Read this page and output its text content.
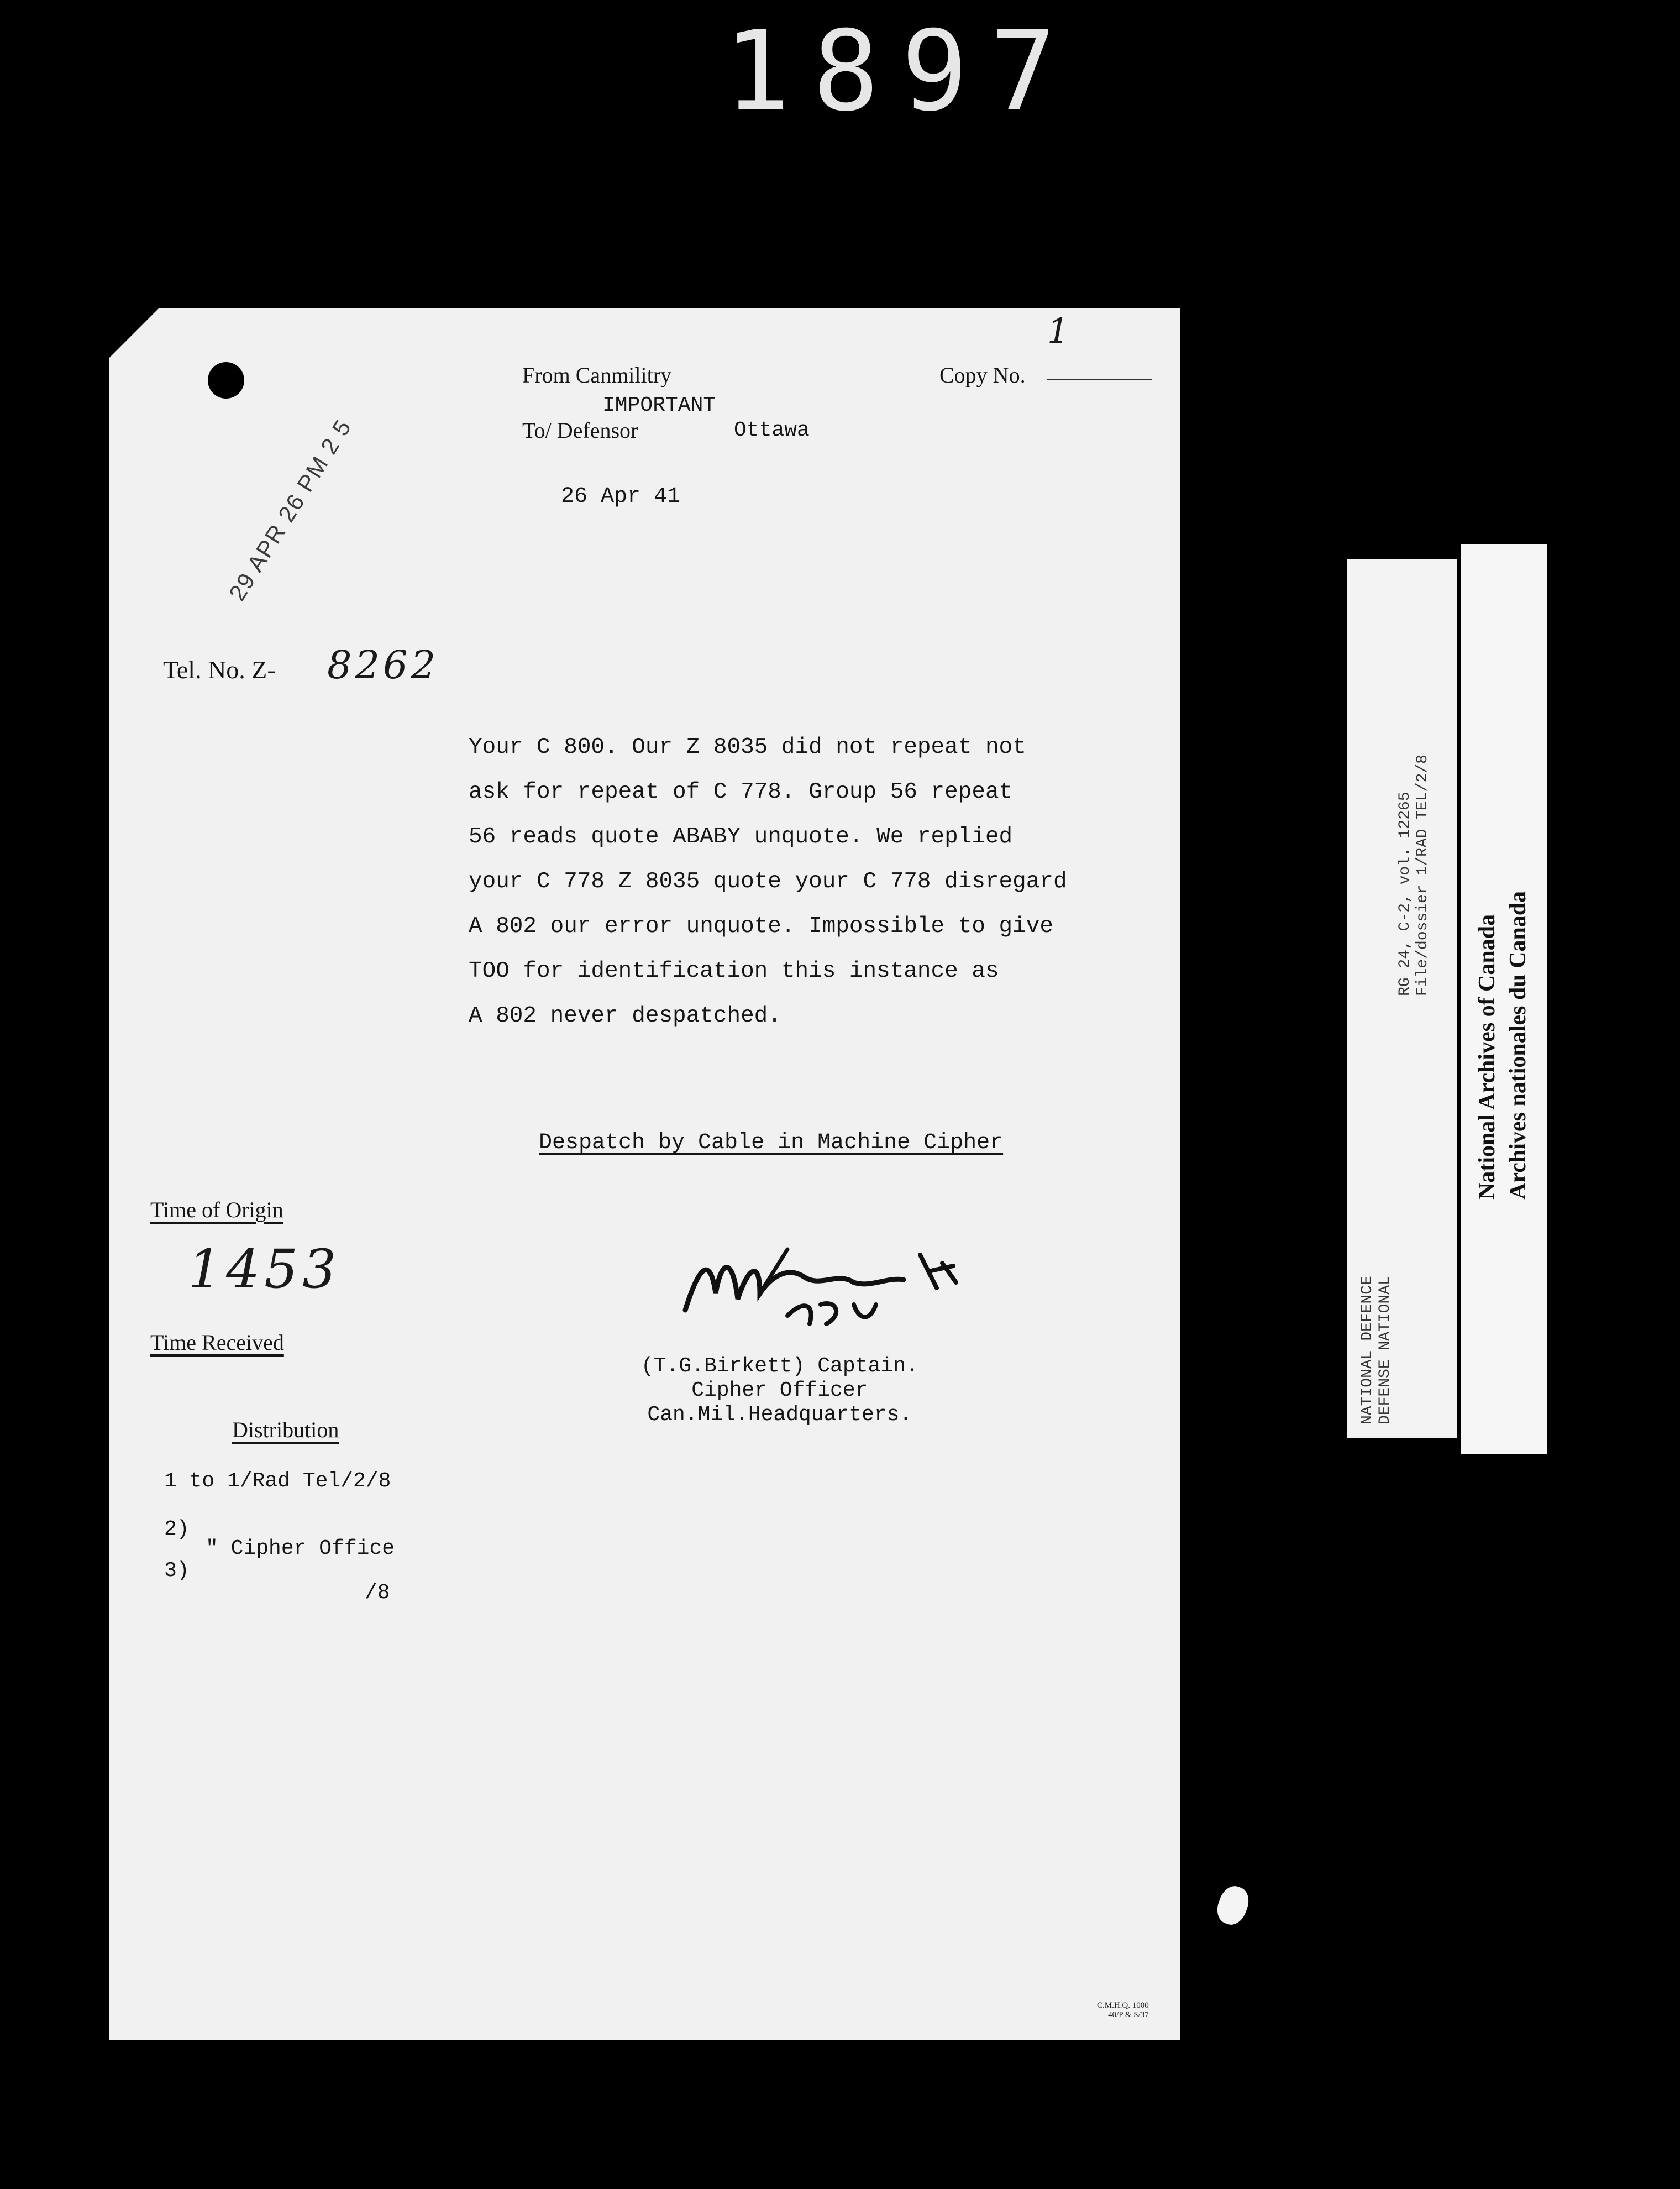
1897
From Canmilitry	Copy No.
1
IMPORTANT
To/ Defensor	Ottawa
26 Apr 41
29 APR 26 PM 2 5
Tel. No. Z- 8262
Your C 800. Our Z 8035 did not repeat not
ask for repeat of C 778. Group 56 repeat
56 reads quote ABABY unquote. We replied
your C 778 Z 8035 quote your C 778 disregard
A 802 our error unquote. Impossible to give
TOO for identification this instance as
A 802 never despatched.
Despatch by Cable in Machine Cipher
Time of Origin
1453
Time Received
(T.G.Birkett) Captain.
Cipher Officer
Can.Mil.Headquarters.
Distribution
1 to 1/Rad Tel/2/8
2)
" Cipher Office
3)
/8
C.M.H.Q. 1000
40/P & S/37
NATIONAL DEFENCE DEFENSE NATIONAL
RG 24, C-2, vol. 12265 File/dossier 1/RAD TEL/2/8
National Archives of Canada Archives nationales du Canada
